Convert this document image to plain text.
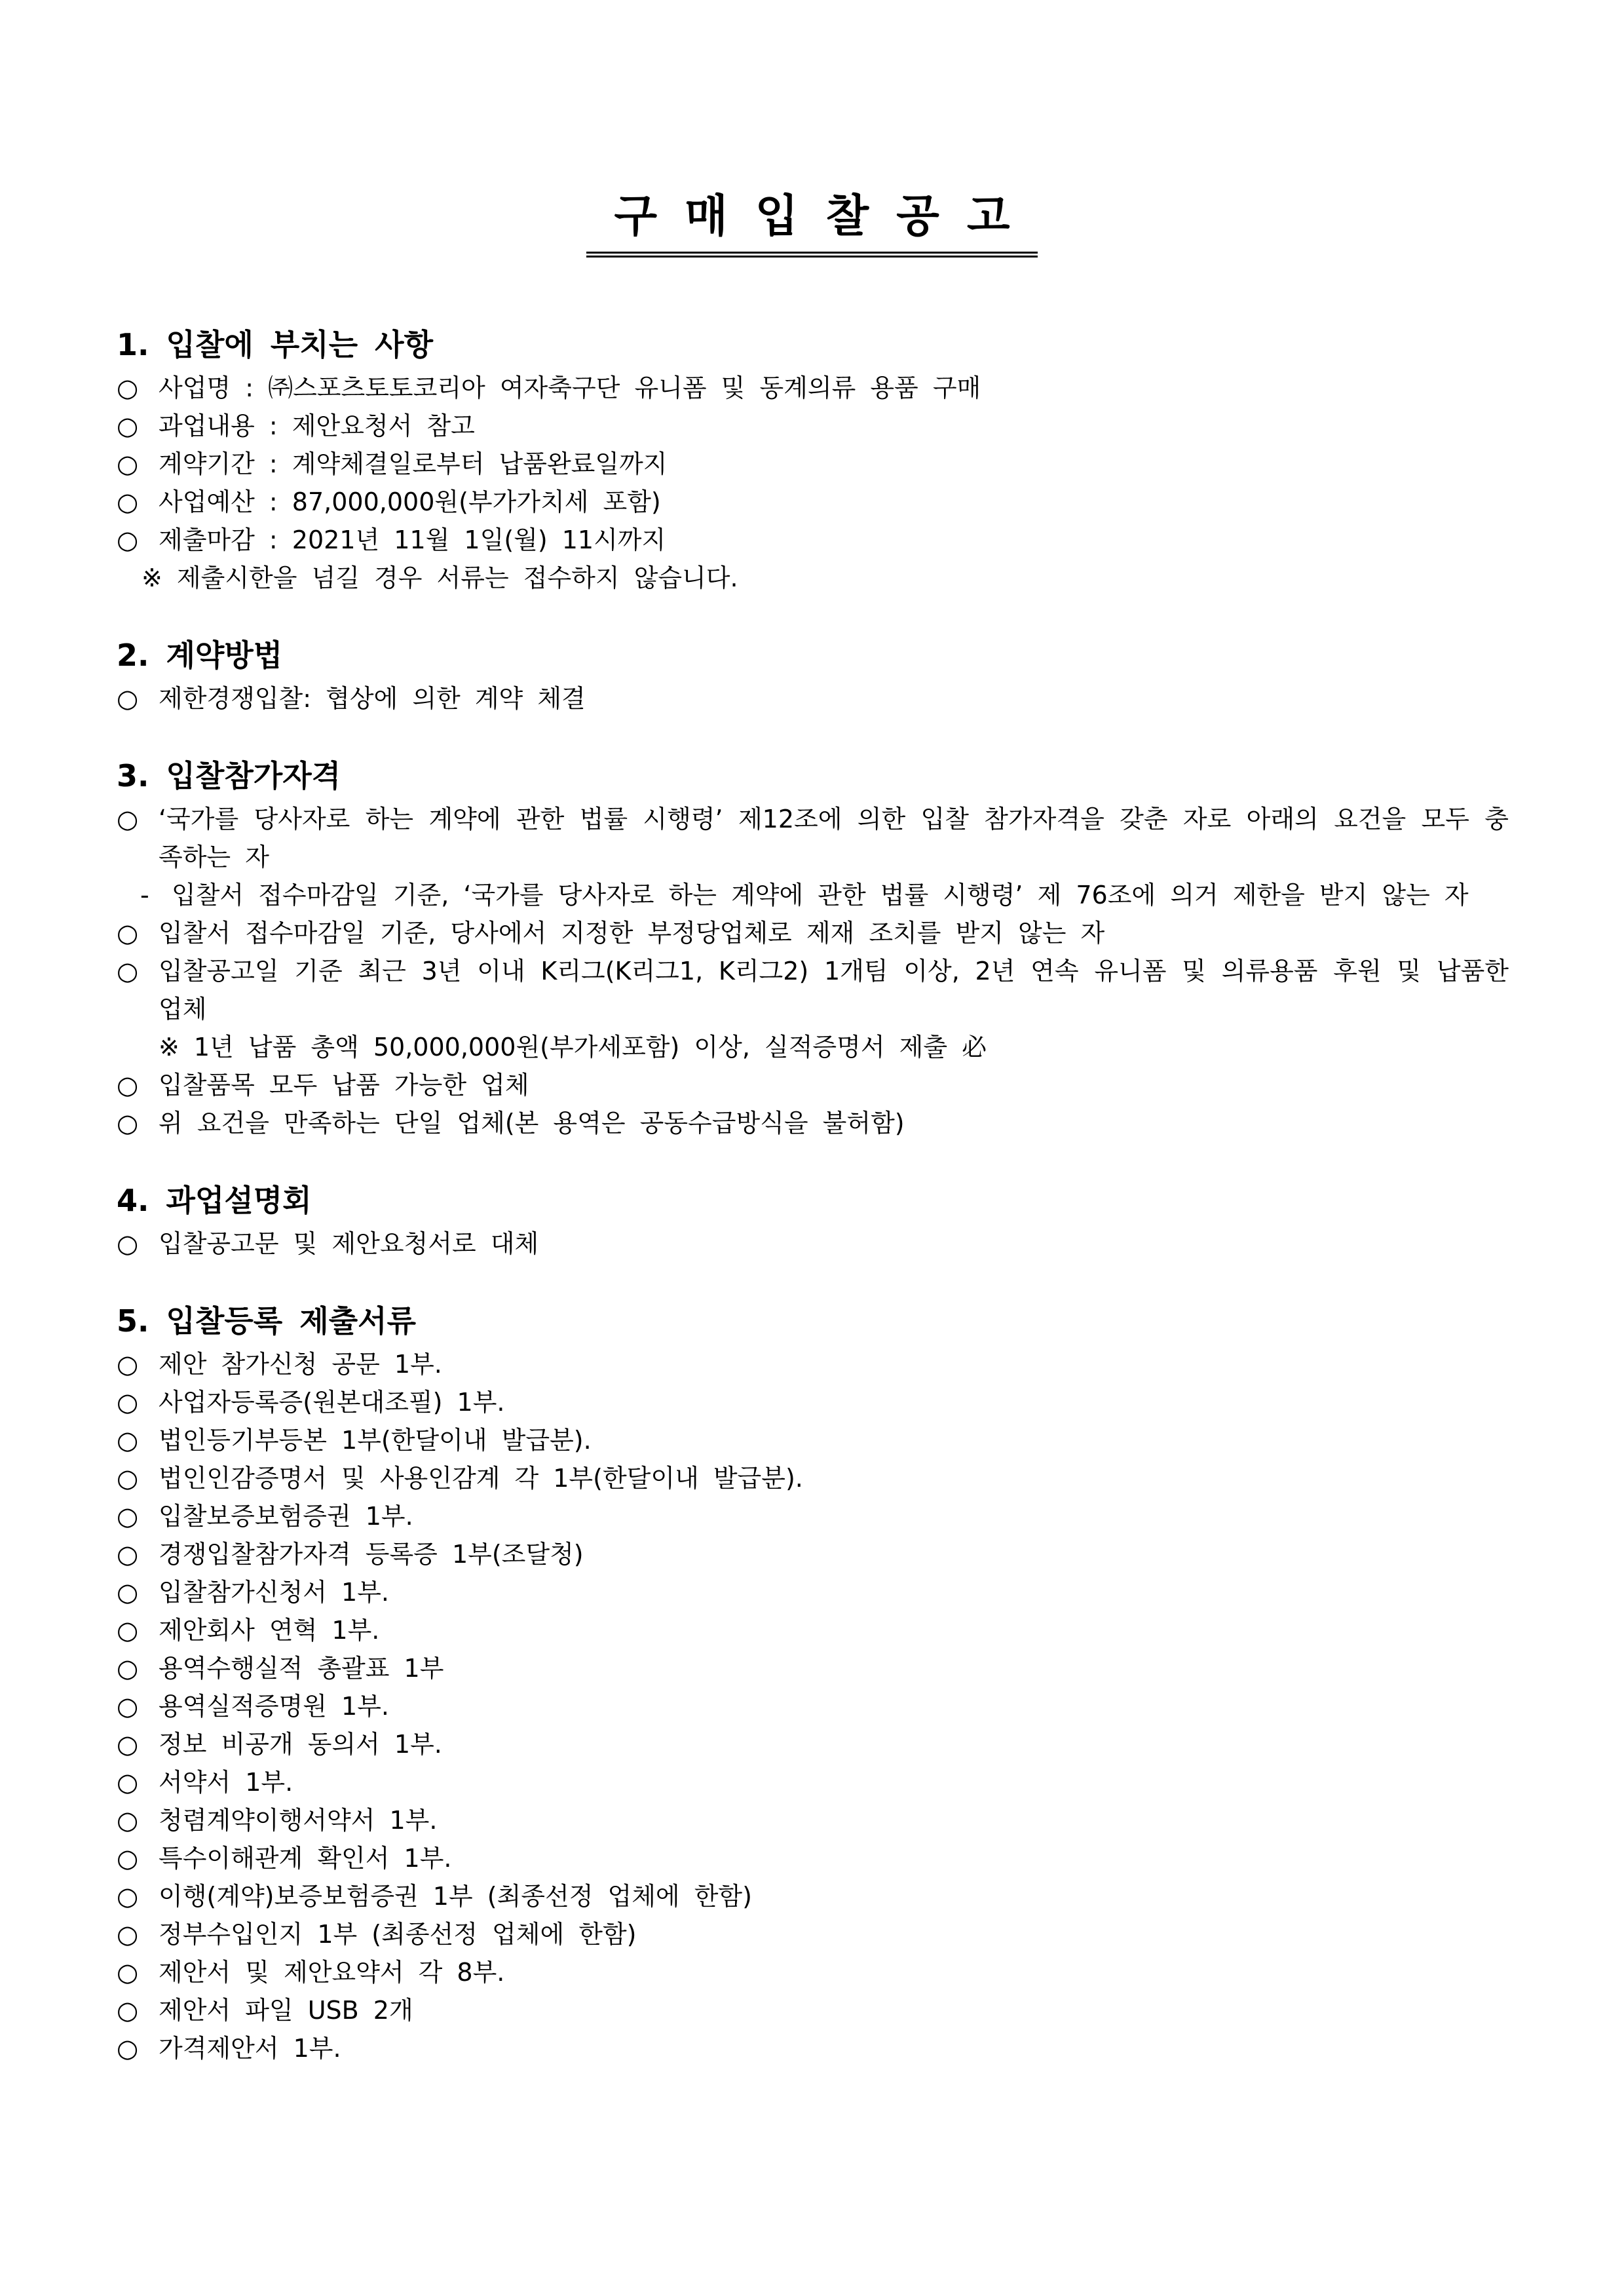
구매입찰공고
1. 입찰에 부치는 사항
○ 사업명 : ㈜스포츠토토코리아 여자축구단 유니폼 및 동계의류 용품 구매
○ 과업내용 : 제안요청서 참고
○ 계약기간 : 계약체결일로부터 납품완료일까지
○ 사업예산 : 87,000,000원(부가가치세 포함)
○ 제출마감 : 2021년 11월 1일(월) 11시까지
※ 제출시한을 넘길 경우 서류는 접수하지 않습니다.
2. 계약방법
○ 제한경쟁입찰: 협상에 의한 계약 체결
3. 입찰참가자격
○ ‘국가를 당사자로 하는 계약에 관한 법률 시행령’ 제12조에 의한 입찰 참가자격을 갖춘 자로 아래의 요건을 모두 충족하는 자
- 입찰서 접수마감일 기준, ‘국가를 당사자로 하는 계약에 관한 법률 시행령’ 제 76조에 의거 제한을 받지 않는 자
○ 입찰서 접수마감일 기준, 당사에서 지정한 부정당업체로 제재 조치를 받지 않는 자
○ 입찰공고일 기준 최근 3년 이내 K리그(K리그1, K리그2) 1개팀 이상, 2년 연속 유니폼 및 의류용품 후원 및 납품한 업체
※ 1년 납품 총액 50,000,000원(부가세포함) 이상, 실적증명서 제출 必
○ 입찰품목 모두 납품 가능한 업체
○ 위 요건을 만족하는 단일 업체(본 용역은 공동수급방식을 불허함)
4. 과업설명회
○ 입찰공고문 및 제안요청서로 대체
5. 입찰등록 제출서류
○ 제안 참가신청 공문 1부.
○ 사업자등록증(원본대조필) 1부.
○ 법인등기부등본 1부(한달이내 발급분).
○ 법인인감증명서 및 사용인감계 각 1부(한달이내 발급분).
○ 입찰보증보험증권 1부.
○ 경쟁입찰참가자격 등록증 1부(조달청)
○ 입찰참가신청서 1부.
○ 제안회사 연혁 1부.
○ 용역수행실적 총괄표 1부
○ 용역실적증명원 1부.
○ 정보 비공개 동의서 1부.
○ 서약서 1부.
○ 청렴계약이행서약서 1부.
○ 특수이해관계 확인서 1부.
○ 이행(계약)보증보험증권 1부 (최종선정 업체에 한함)
○ 정부수입인지 1부 (최종선정 업체에 한함)
○ 제안서 및 제안요약서 각 8부.
○ 제안서 파일 USB 2개
○ 가격제안서 1부.
